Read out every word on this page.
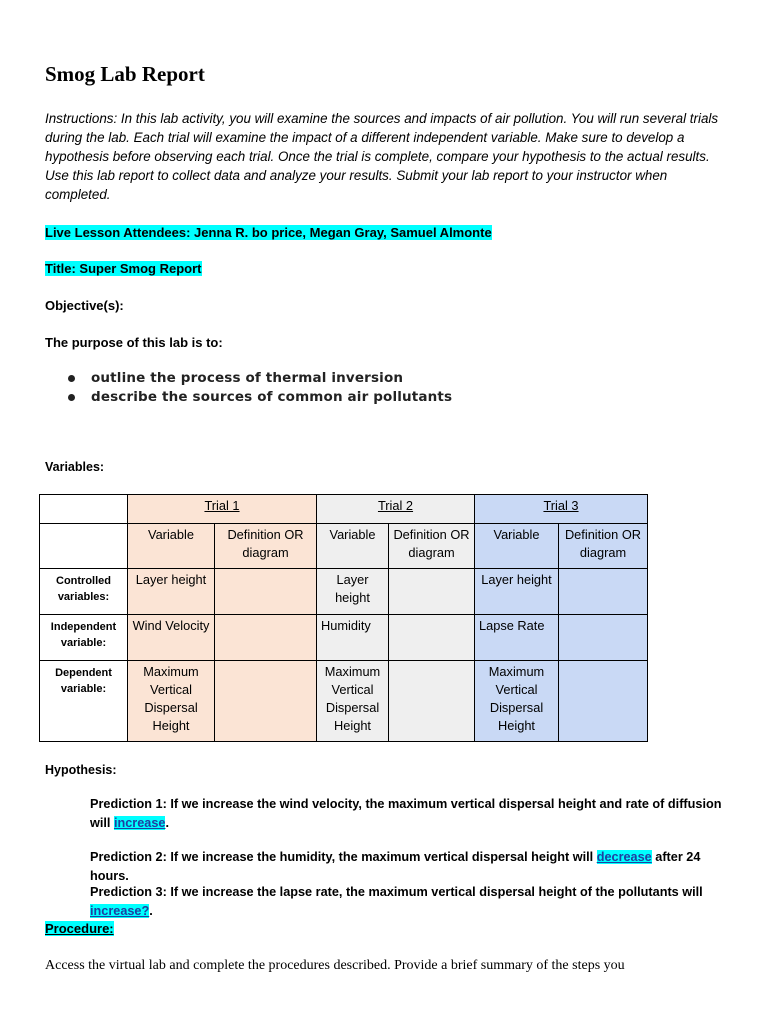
Smog Lab Report

Instructions: In this lab activity, you will examine the sources and impacts of air pollution. You will run several trials during the lab. Each trial will examine the impact of a different independent variable. Make sure to develop a hypothesis before observing each trial. Once the trial is complete, compare your hypothesis to the actual results. Use this lab report to collect data and analyze your results. Submit your lab report to your instructor when completed.

Live Lesson Attendees: Jenna R. bo price, Megan Gray, Samuel Almonte

Title: Super Smog Report

Objective(s):

The purpose of this lab is to:

outline the process of thermal inversion
describe the sources of common air pollutants

Variables:

	Trial 1		Trial 2		Trial 3	
	Variable	Definition OR diagram	Variable	Definition OR diagram	Variable	Definition OR diagram
Controlled variables:	Layer height		Layer height		Layer height	
Independent variable:	Wind Velocity		Humidity		Lapse Rate	
Dependent variable:	Maximum Vertical Dispersal Height		Maximum Vertical Dispersal Height		Maximum Vertical Dispersal Height	

Hypothesis:

Prediction 1: If we increase the wind velocity, the maximum vertical dispersal height and rate of diffusion will increase.

Prediction 2: If we increase the humidity, the maximum vertical dispersal height will decrease after 24 hours.

Prediction 3: If we increase the lapse rate, the maximum vertical dispersal height of the pollutants will increase?.

Procedure:

Access the virtual lab and complete the procedures described. Provide a brief summary of the steps you
